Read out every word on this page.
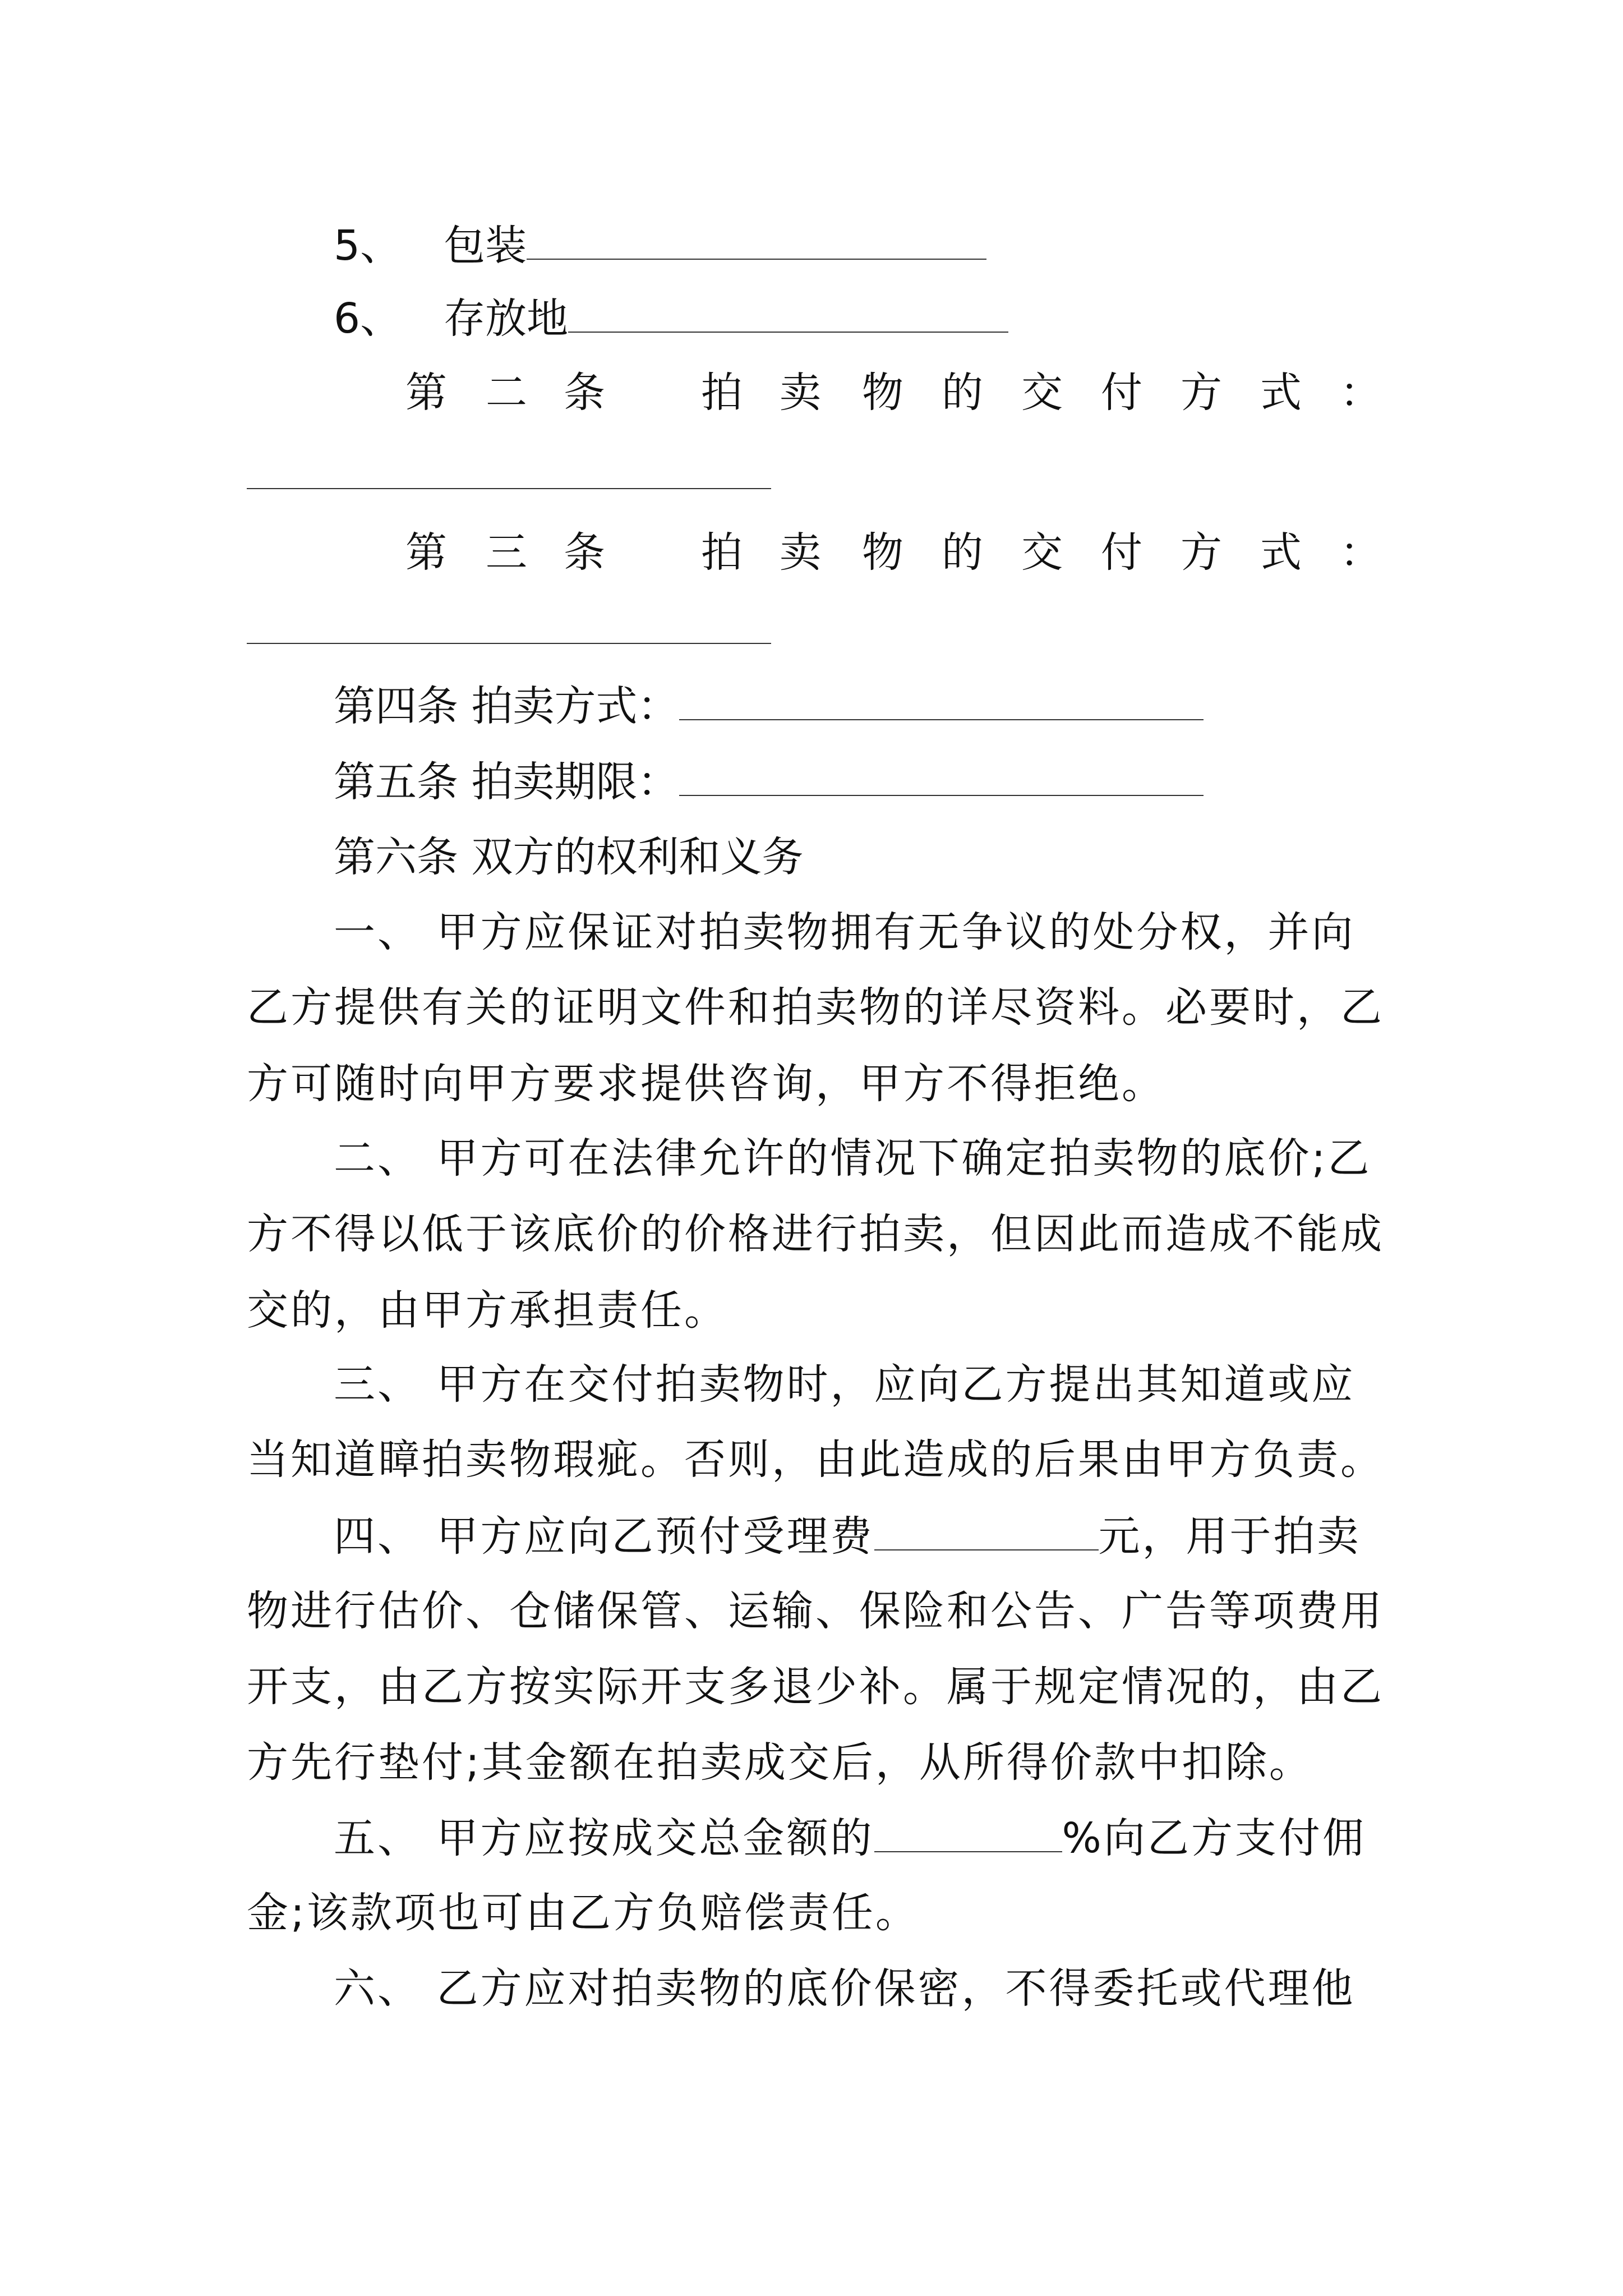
5、 包装
6、 存放地
第 二 条 拍 卖 物 的 交 付 方 式 ：
第 三 条 拍 卖 物 的 交 付 方 式 ：
第四条 拍卖方式：
第五条 拍卖期限：
第六条 双方的权利和义务
一、 甲方应保证对拍卖物拥有无争议的处分权，并向
乙方提供有关的证明文件和拍卖物的详尽资料。必要时，乙
方可随时向甲方要求提供咨询，甲方不得拒绝。
二、 甲方可在法律允许的情况下确定拍卖物的底价;乙
方不得以低于该底价的价格进行拍卖，但因此而造成不能成
交的，由甲方承担责任。
三、 甲方在交付拍卖物时，应向乙方提出其知道或应
当知道瞕拍卖物瑕疵。否则，由此造成的后果由甲方负责。
四、 甲方应向乙预付受理费	元，用于拍卖
物进行估价、仓储保管、运输、保险和公告、广告等项费用
开支，由乙方按实际开支多退少补。属于规定情况的，由乙
方先行垫付;其金额在拍卖成交后，从所得价款中扣除。
五、 甲方应按成交总金额的	%向乙方支付佣
金;该款项也可由乙方负赔偿责任。
六、 乙方应对拍卖物的底价保密，不得委托或代理他
